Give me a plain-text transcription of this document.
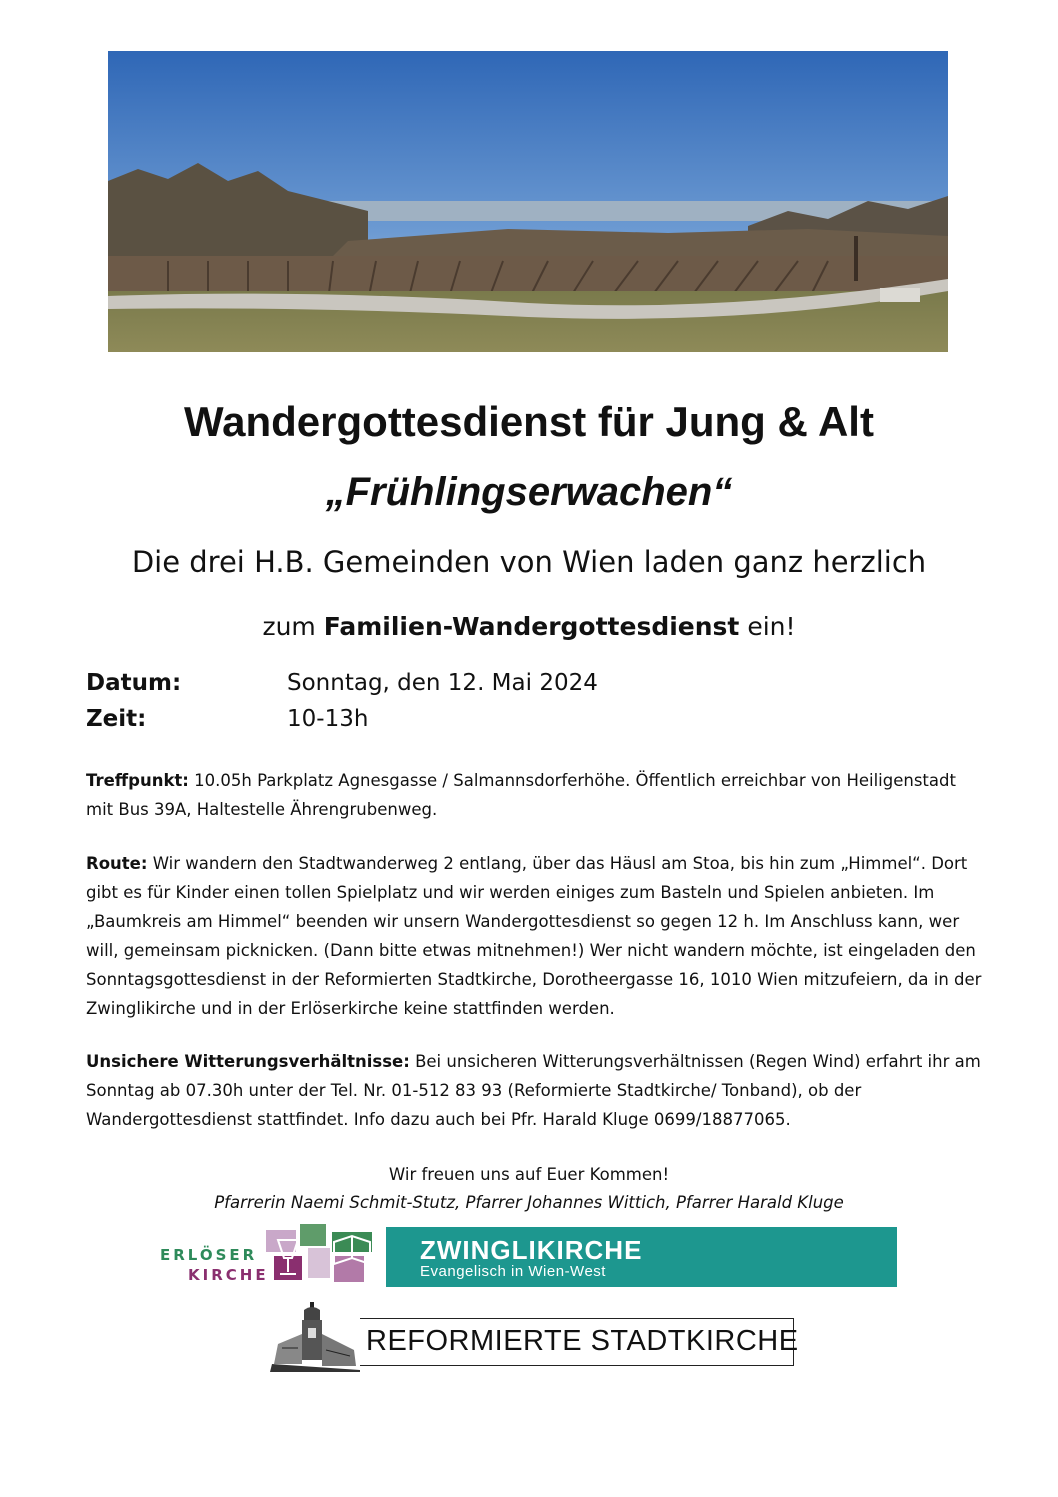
Wandergottesdienst für Jung & Alt
„Frühlingserwachen“
Die drei H.B. Gemeinden von Wien laden ganz herzlich
zum Familien-Wandergottesdienst ein!
Datum:	Sonntag, den 12. Mai 2024
Zeit:	10-13h
Treffpunkt: 10.05h Parkplatz Agnesgasse / Salmannsdorferhöhe. Öffentlich erreichbar von Heiligenstadt mit Bus 39A, Haltestelle Ährengrubenweg.
Route: Wir wandern den Stadtwanderweg 2 entlang, über das Häusl am Stoa, bis hin zum „Himmel“. Dort gibt es für Kinder einen tollen Spielplatz und wir werden einiges zum Basteln und Spielen anbieten. Im „Baumkreis am Himmel“ beenden wir unsern Wandergottesdienst so gegen 12 h. Im Anschluss kann, wer will, gemeinsam picknicken. (Dann bitte etwas mitnehmen!) Wer nicht wandern möchte, ist eingeladen den Sonntagsgottesdienst in der Reformierten Stadtkirche, Dorotheergasse 16, 1010 Wien mitzufeiern, da in der Zwinglikirche und in der Erlöserkirche keine stattfinden werden.
Unsichere Witterungsverhältnisse: Bei unsicheren Witterungsverhältnissen (Regen Wind) erfahrt ihr am Sonntag ab 07.30h unter der Tel. Nr. 01-512 83 93 (Reformierte Stadtkirche/ Tonband), ob der Wandergottesdienst stattfindet. Info dazu auch bei Pfr. Harald Kluge 0699/18877065.
Wir freuen uns auf Euer Kommen!
Pfarrerin Naemi Schmit-Stutz, Pfarrer Johannes Wittich, Pfarrer Harald Kluge
ERLÖSER
KIRCHE
ZWINGLIKIRCHE
Evangelisch in Wien-West
REFORMIERTE STADTKIRCHE
